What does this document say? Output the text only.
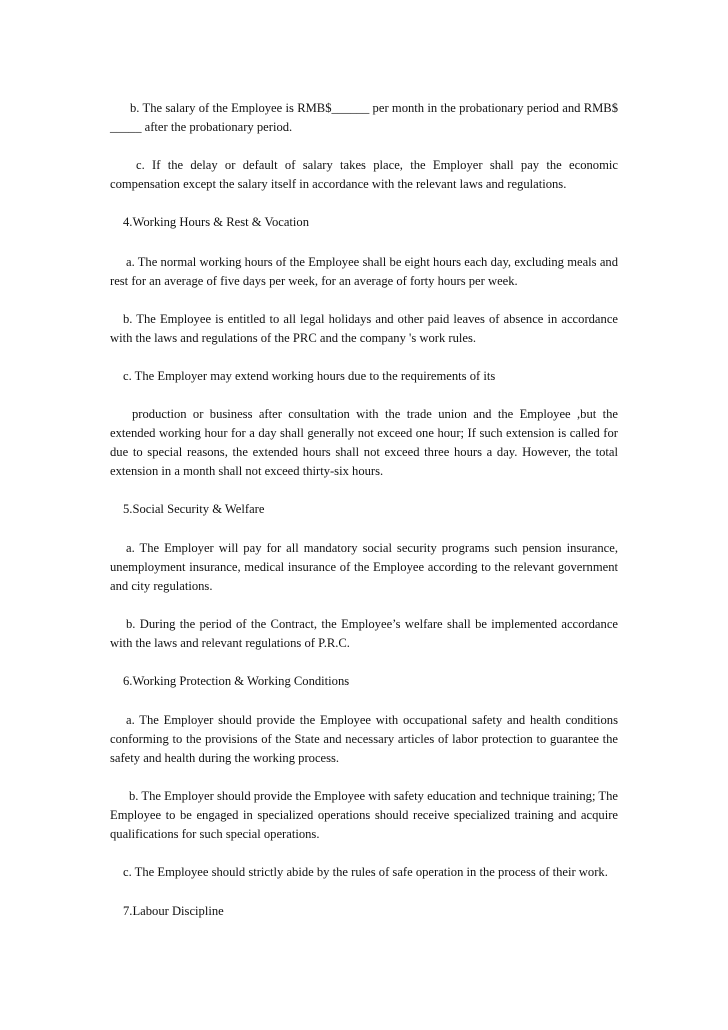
b. The salary of the Employee is RMB$______ per month in the probationary period and RMB$ _____ after the probationary period.

c. If the delay or default of salary takes place, the Employer shall pay the economic compensation except the salary itself in accordance with the relevant laws and regulations.

4.Working Hours & Rest & Vocation

a. The normal working hours of the Employee shall be eight hours each day, excluding meals and rest for an average of five days per week, for an average of forty hours per week.

b. The Employee is entitled to all legal holidays and other paid leaves of absence in accordance with the laws and regulations of the PRC and the company 's work rules.

c. The Employer may extend working hours due to the requirements of its

production or business after consultation with the trade union and the Employee ,but the extended working hour for a day shall generally not exceed one hour; If such extension is called for due to special reasons, the extended hours shall not exceed three hours a day. However, the total extension in a month shall not exceed thirty-six hours.

5.Social Security & Welfare

a. The Employer will pay for all mandatory social security programs such pension insurance, unemployment insurance, medical insurance of the Employee according to the relevant government and city regulations.

b. During the period of the Contract, the Employee’s welfare shall be implemented accordance with the laws and relevant regulations of P.R.C.

6.Working Protection & Working Conditions

a. The Employer should provide the Employee with occupational safety and health conditions conforming to the provisions of the State and necessary articles of labor protection to guarantee the safety and health during the working process.

b. The Employer should provide the Employee with safety education and technique training; The Employee to be engaged in specialized operations should receive specialized training and acquire qualifications for such special operations.

c. The Employee should strictly abide by the rules of safe operation in the process of their work.

7.Labour Discipline
